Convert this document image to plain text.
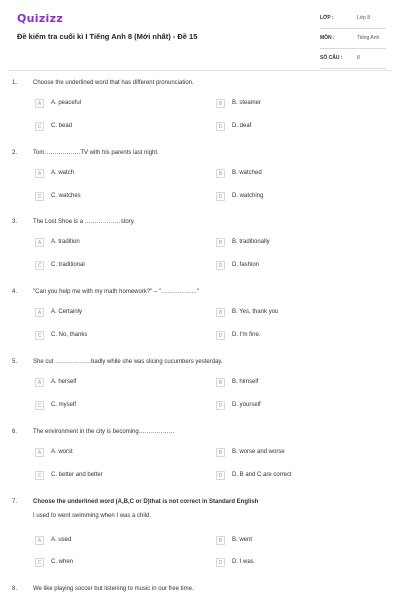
Quizizz
Đề kiểm tra cuối kì I Tiếng Anh 8 (Mới nhất) - Đề 15
LỚP :	Lớp 8
MÔN :	Tiếng Anh
SỐ CÂU :	8
1.	Choose the underlined word that has different pronunciation.
A	A. peaceful	B	B. steamer
C	C. bead	D	D. deaf
2.	Tom………………TV with his parents last night.
A	A. watch	B	B. watched
C	C. watches	D	D. watching
3.	The Lost Shoe is a ………………story.
A	A. tradition	B	B. traditionally
C	C. traditional	D	D. fashion
4.	"Can you help me with my math homework?" – "………………"
A	A. Certainly	B	B. Yes, thank you
C	C. No, thanks	D	D. I'm fine.
5.	She cut ………………badly while she was slicing cucumbers yesterday.
A	A. herself	B	B. himself
C	C. myself	D	D. yourself
6.	The environment in the city is becoming………………
A	A. worst	B	B. worse and worse
C	C. better and better	D	D. B and C are correct
7.	Choose the underlined word (A,B,C or D)that is not correct in Standard English
I used to went swimming when I was a child.
A	A. used	B	B. went
C	C. when	D	D. I was
8.	We like playing soccer but listening to music in our free time.
